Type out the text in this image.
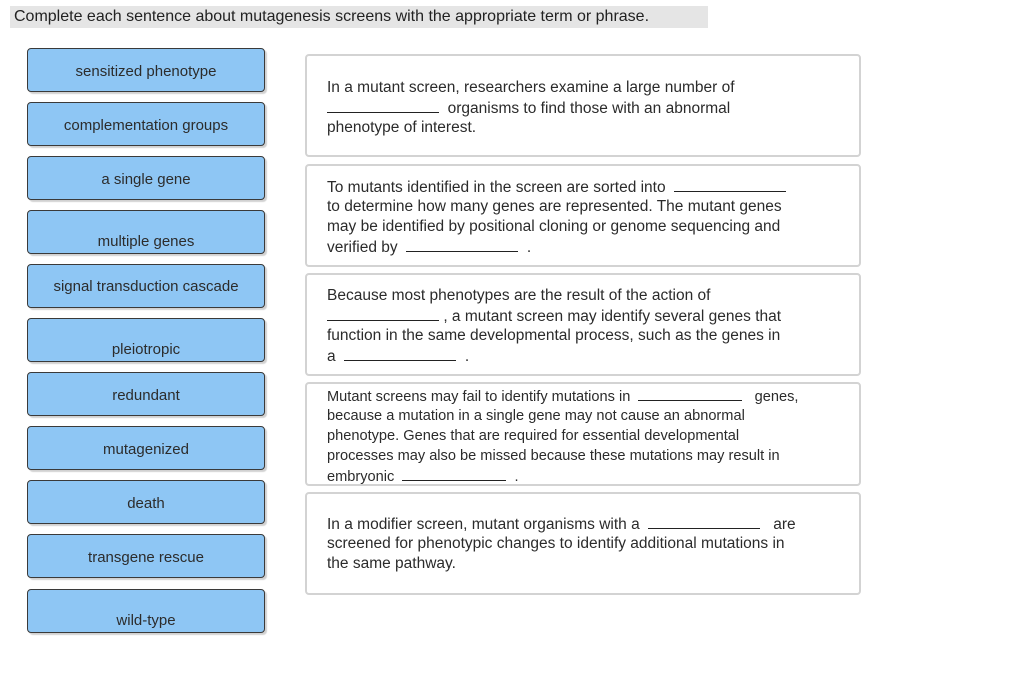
Complete each sentence about mutagenesis screens with the appropriate term or phrase.
sensitized phenotype
complementation groups
a single gene
multiple genes
signal transduction cascade
pleiotropic
redundant
mutagenized
death
transgene rescue
wild-type
In a mutant screen, researchers examine a large number of
organisms to find those with an abnormal
phenotype of interest.
To mutants identified in the screen are sorted into
to determine how many genes are represented. The mutant genes
may be identified by positional cloning or genome sequencing and
verified by	.
Because most phenotypes are the result of the action of
, a mutant screen may identify several genes that
function in the same developmental process, such as the genes in
a	.
Mutant screens may fail to identify mutations in	genes,
because a mutation in a single gene may not cause an abnormal
phenotype. Genes that are required for essential developmental
processes may also be missed because these mutations may result in
embryonic	.
In a modifier screen, mutant organisms with a	are
screened for phenotypic changes to identify additional mutations in
the same pathway.
